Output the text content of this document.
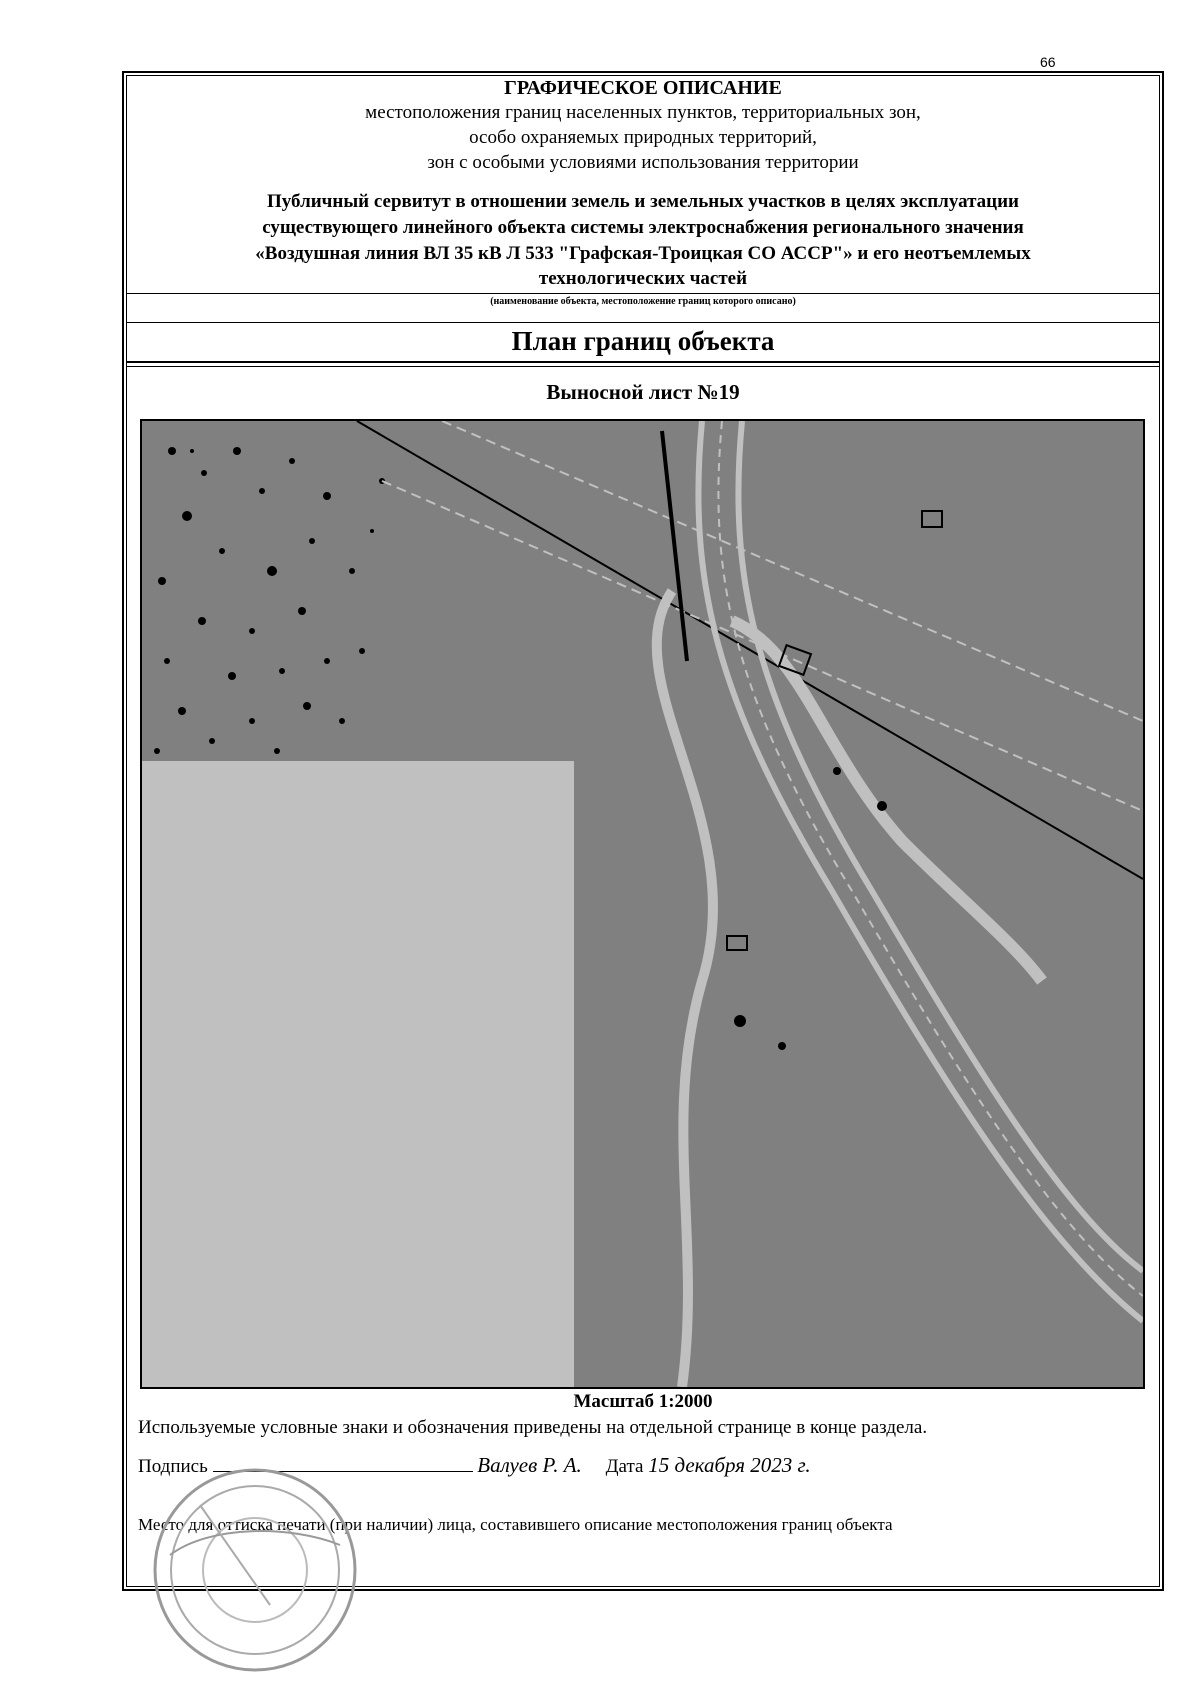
66
ГРАФИЧЕСКОЕ ОПИСАНИЕ
местоположения границ населенных пунктов, территориальных зон,
особо охраняемых природных территорий,
зон с особыми условиями использования территории
Публичный сервитут в отношении земель и земельных участков в целях эксплуатации
существующего линейного объекта системы электроснабжения регионального значения
«Воздушная линия ВЛ 35 кВ Л 533 "Графская-Троицкая СО АССР"» и его неотъемлемых
технологических частей
(наименование объекта, местоположение границ которого описано)
План границ объекта
Выносной лист №19
Масштаб 1:2000
Используемые условные знаки и обозначения приведены на отдельной странице в конце раздела.
Подпись	Валуев Р. А. Дата 15 декабря 2023 г.
Место для оттиска печати (при наличии) лица, составившего описание местоположения границ объекта
